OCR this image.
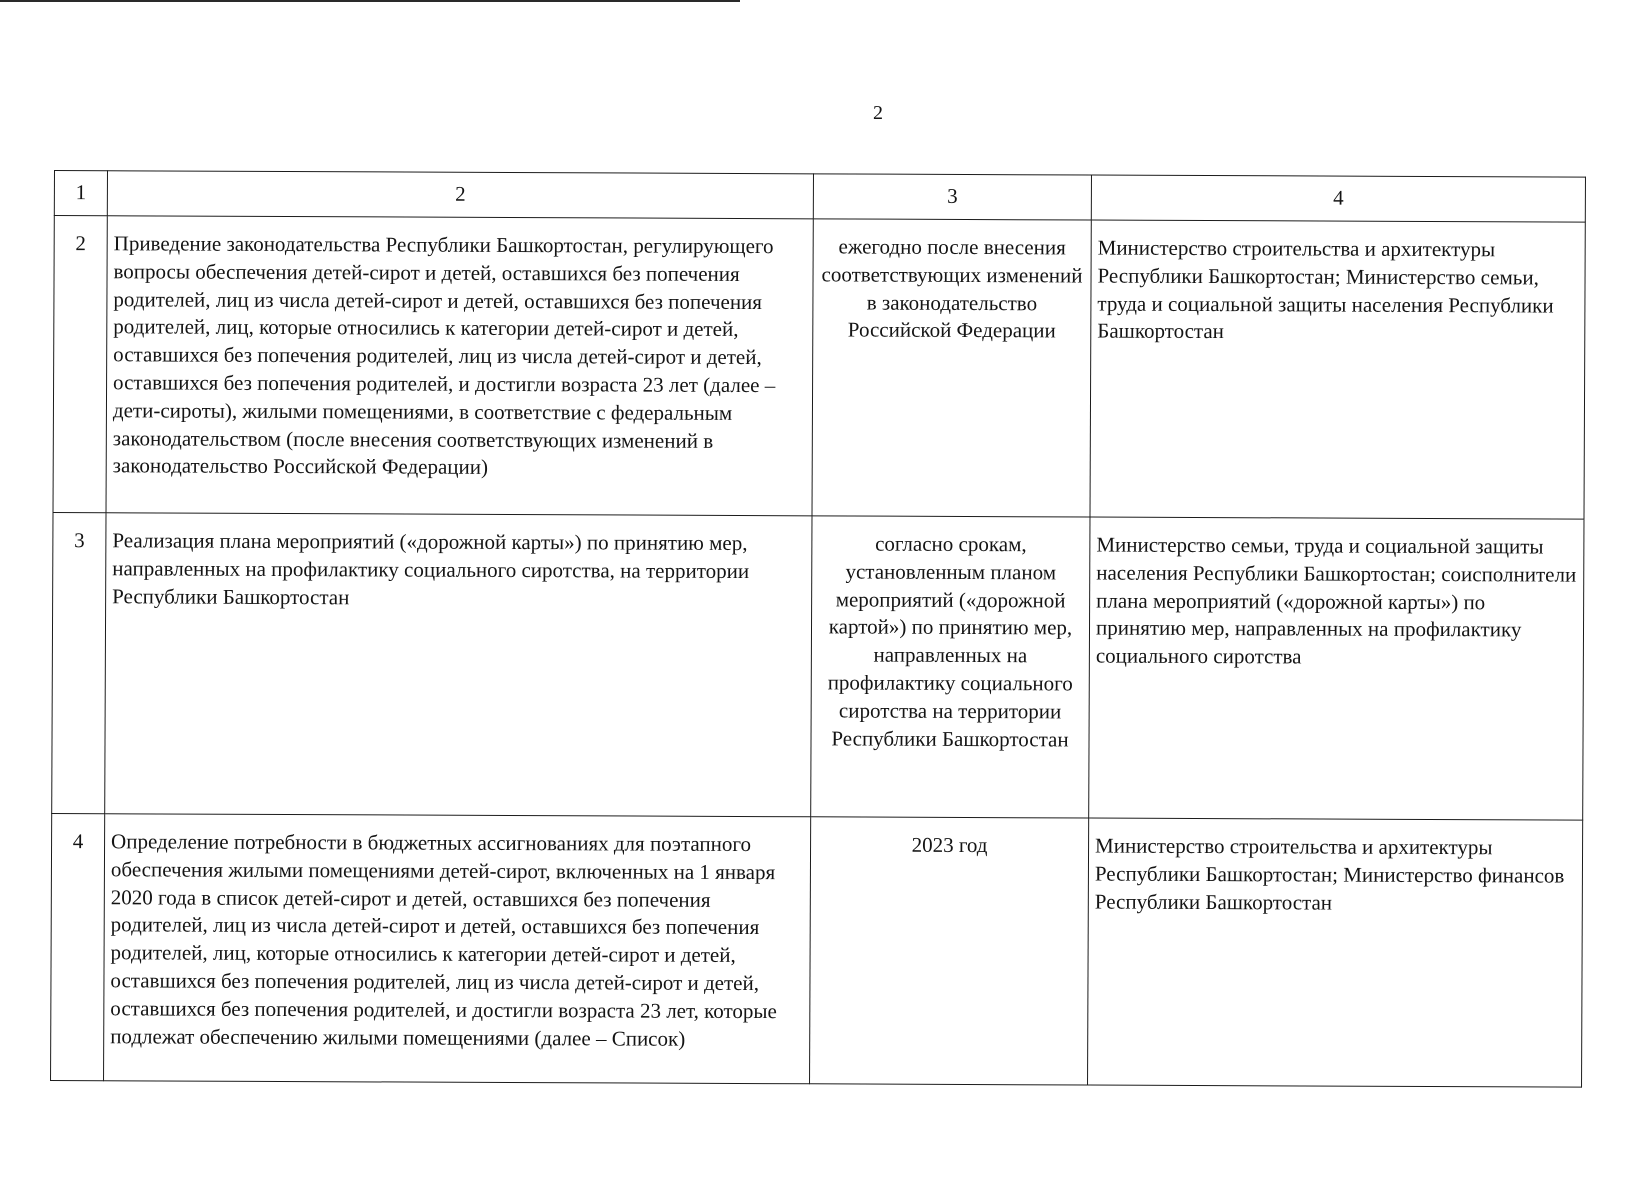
2
1	2	3	4
2	Приведение законодательства Республики Башкортостан, регулирующего вопросы обеспечения детей-сирот и детей, оставшихся без попечения родителей, лиц из числа детей-сирот и детей, оставшихся без попечения родителей, лиц, которые относились к категории детей-сирот и детей, оставшихся без попечения родителей, лиц из числа детей-сирот и детей, оставшихся без попечения родителей, и достигли возраста 23 лет (далее – дети-сироты), жилыми помещениями, в соответствие с федеральным законодательством (после внесения соответствующих изменений в законодательство Российской Федерации)	ежегодно после внесения соответствующих изменений в законодательство Российской Федерации	Министерство строительства и архитектуры Республики Башкортостан; Министерство семьи, труда и социальной защиты населения Республики Башкортостан
3	Реализация плана мероприятий («дорожной карты») по принятию мер, направленных на профилактику социального сиротства, на территории Республики Башкортостан	согласно срокам, установленным планом мероприятий («дорожной картой») по принятию мер, направленных на профилактику социального сиротства на территории Республики Башкортостан	Министерство семьи, труда и социальной защиты населения Республики Башкортостан; соисполнители плана мероприятий («дорожной карты») по принятию мер, направленных на профилактику социального сиротства
4	Определение потребности в бюджетных ассигнованиях для поэтапного обеспечения жилыми помещениями детей-сирот, включенных на 1 января 2020 года в список детей-сирот и детей, оставшихся без попечения родителей, лиц из числа детей-сирот и детей, оставшихся без попечения родителей, лиц, которые относились к категории детей-сирот и детей, оставшихся без попечения родителей, лиц из числа детей-сирот и детей, оставшихся без попечения родителей, и достигли возраста 23 лет, которые подлежат обеспечению жилыми помещениями (далее – Список)	2023 год	Министерство строительства и архитектуры Республики Башкортостан; Министерство финансов Республики Башкортостан
